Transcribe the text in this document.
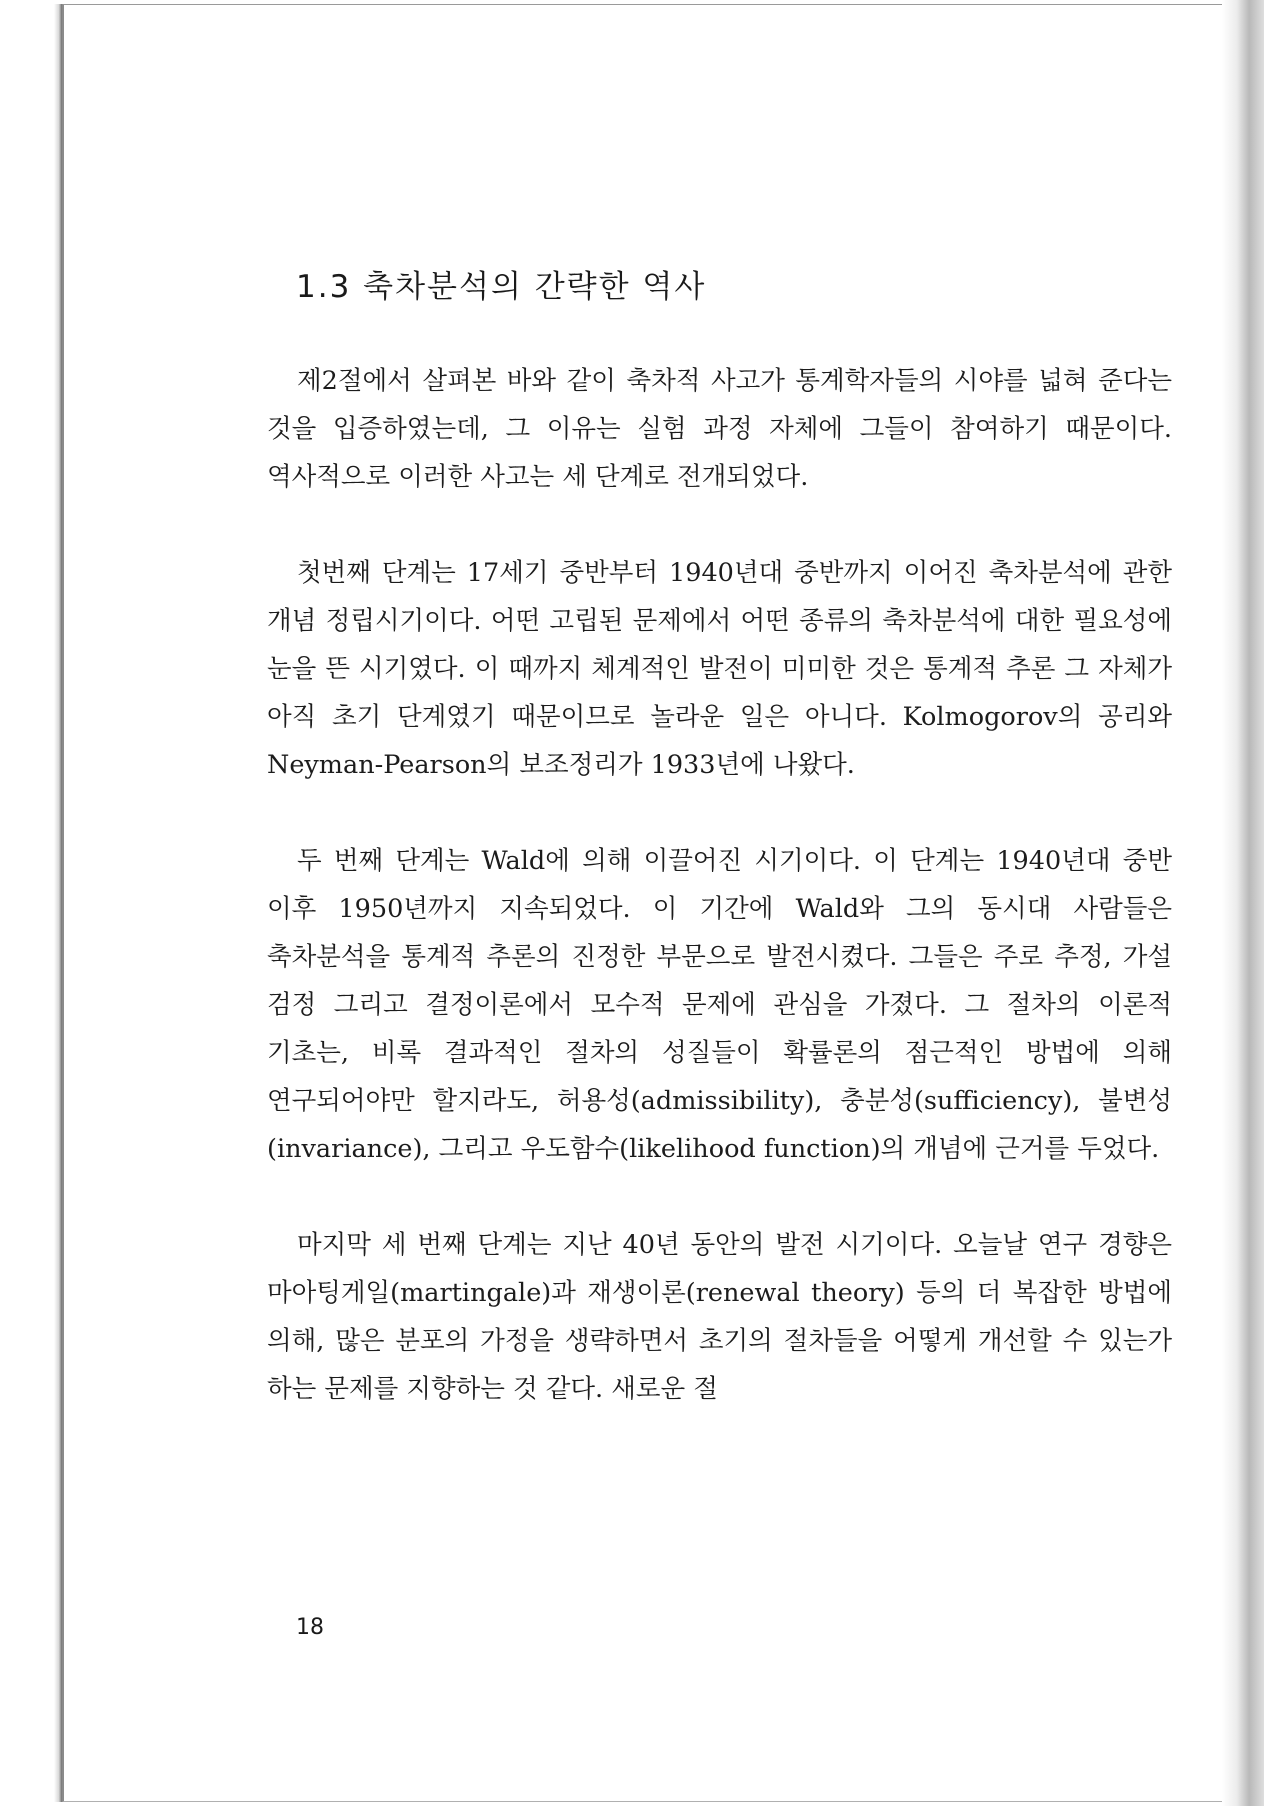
1.3 축차분석의 간략한 역사

제2절에서 살펴본 바와 같이 축차적 사고가 통계학자들의 시야를 넓혀 준다는 것을 입증하였는데, 그 이유는 실험 과정 자체에 그들이 참여하기 때문이다. 역사적으로 이러한 사고는 세 단계로 전개되었다.

첫번째 단계는 17세기 중반부터 1940년대 중반까지 이어진 축차분석에 관한 개념 정립시기이다. 어떤 고립된 문제에서 어떤 종류의 축차분석에 대한 필요성에 눈을 뜬 시기였다. 이 때까지 체계적인 발전이 미미한 것은 통계적 추론 그 자체가 아직 초기 단계였기 때문이므로 놀라운 일은 아니다. Kolmogorov의 공리와 Neyman-Pearson의 보조정리가 1933년에 나왔다.

두 번째 단계는 Wald에 의해 이끌어진 시기이다. 이 단계는 1940년대 중반 이후 1950년까지 지속되었다. 이 기간에 Wald와 그의 동시대 사람들은 축차분석을 통계적 추론의 진정한 부문으로 발전시켰다. 그들은 주로 추정, 가설 검정 그리고 결정이론에서 모수적 문제에 관심을 가졌다. 그 절차의 이론적 기초는, 비록 결과적인 절차의 성질들이 확률론의 점근적인 방법에 의해 연구되어야만 할지라도, 허용성(admissibility), 충분성(sufficiency), 불변성(invariance), 그리고 우도함수(likelihood function)의 개념에 근거를 두었다.

마지막 세 번째 단계는 지난 40년 동안의 발전 시기이다. 오늘날 연구 경향은 마아팅게일(martingale)과 재생이론(renewal theory) 등의 더 복잡한 방법에 의해, 많은 분포의 가정을 생략하면서 초기의 절차들을 어떻게 개선할 수 있는가 하는 문제를 지향하는 것 같다. 새로운 절

18
